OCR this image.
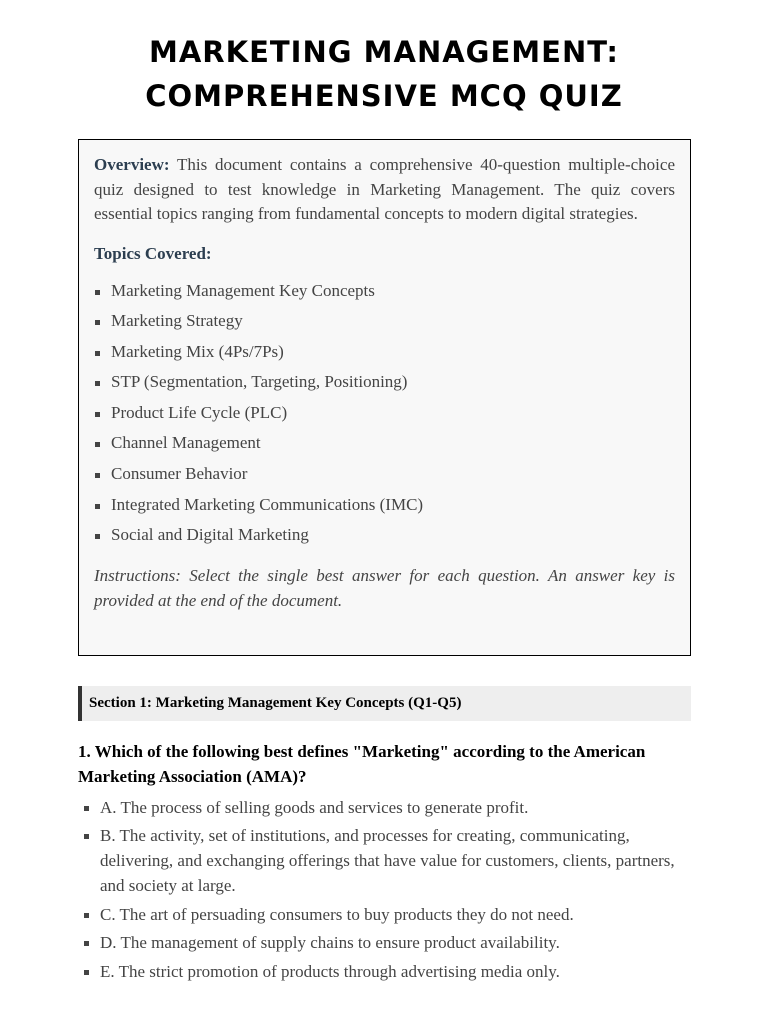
MARKETING MANAGEMENT:
COMPREHENSIVE MCQ QUIZ

Overview: This document contains a comprehensive 40-question multiple-choice quiz designed to test knowledge in Marketing Management. The quiz covers essential topics ranging from fundamental concepts to modern digital strategies.

Topics Covered:

Marketing Management Key Concepts
Marketing Strategy
Marketing Mix (4Ps/7Ps)
STP (Segmentation, Targeting, Positioning)
Product Life Cycle (PLC)
Channel Management
Consumer Behavior
Integrated Marketing Communications (IMC)
Social and Digital Marketing

Instructions: Select the single best answer for each question. An answer key is provided at the end of the document.

Section 1: Marketing Management Key Concepts (Q1-Q5)

1. Which of the following best defines "Marketing" according to the American Marketing Association (AMA)?

A. The process of selling goods and services to generate profit.
B. The activity, set of institutions, and processes for creating, communicating, delivering, and exchanging offerings that have value for customers, clients, partners, and society at large.
C. The art of persuading consumers to buy products they do not need.
D. The management of supply chains to ensure product availability.
E. The strict promotion of products through advertising media only.
